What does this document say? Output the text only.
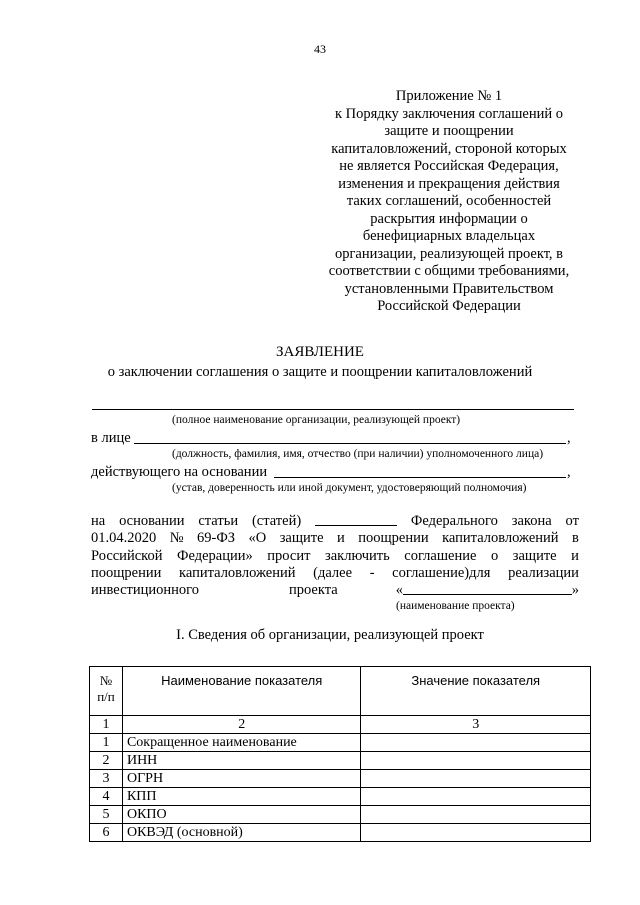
43
Приложение № 1
к Порядку заключения соглашений о
защите и поощрении
капиталовложений, стороной которых
не является Российская Федерация,
изменения и прекращения действия
таких соглашений, особенностей
раскрытия информации о
бенефициарных владельцах
организации, реализующей проект, в
соответствии с общими требованиями,
установленными Правительством
Российской Федерации
ЗАЯВЛЕНИЕ
о заключении соглашения о защите и поощрении капиталовложений
(полное наименование организации, реализующей проект)
в лице	,
(должность, фамилия, имя, отчество (при наличии) уполномоченного лица)
действующего на основании	,
(устав, доверенность или иной документ, удостоверяющий полномочия)
на основании статьи (статей)	Федерального закона от
01.04.2020 № 69-ФЗ «О защите и поощрении капиталовложений в
Российской Федерации» просит заключить соглашение о защите и
поощрении капиталовложений (далее - соглашение)для реализации
инвестиционного	проекта	«	»
(наименование проекта)
I. Сведения об организации, реализующей проект
№ п/п	Наименование показателя	Значение показателя
1	2	3
1	Сокращенное наименование	
2	ИНН	
3	ОГРН	
4	КПП	
5	ОКПО	
6	ОКВЭД (основной)	
